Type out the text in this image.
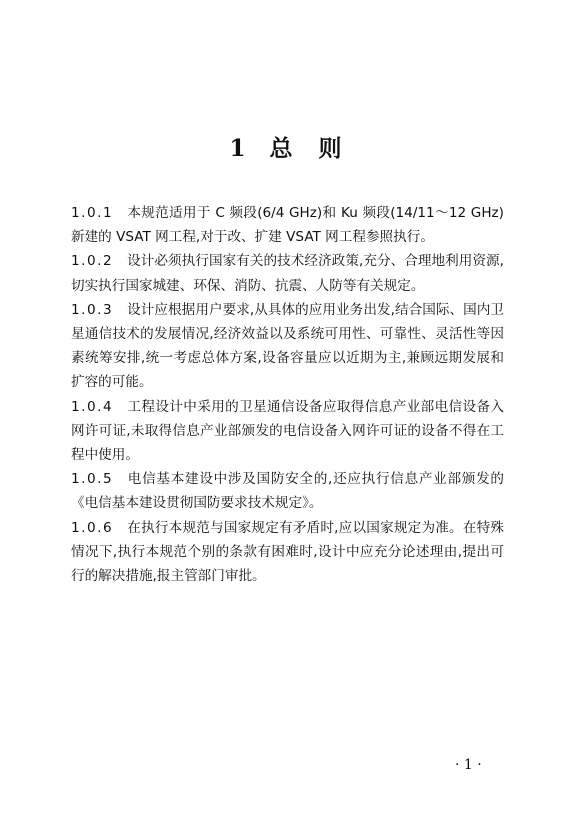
1 总则

1.0.1 本规范适用于 C 频段(6/4 GHz)和 Ku 频段(14/11～12 GHz)新建的 VSAT 网工程,对于改、扩建 VSAT 网工程参照执行。

1.0.2 设计必须执行国家有关的技术经济政策,充分、合理地利用资源,切实执行国家城建、环保、消防、抗震、人防等有关规定。

1.0.3 设计应根据用户要求,从具体的应用业务出发,结合国际、国内卫星通信技术的发展情况,经济效益以及系统可用性、可靠性、灵活性等因素统筹安排,统一考虑总体方案,设备容量应以近期为主,兼顾远期发展和扩容的可能。

1.0.4 工程设计中采用的卫星通信设备应取得信息产业部电信设备入网许可证,未取得信息产业部颁发的电信设备入网许可证的设备不得在工程中使用。

1.0.5 电信基本建设中涉及国防安全的,还应执行信息产业部颁发的《电信基本建设贯彻国防要求技术规定》。

1.0.6 在执行本规范与国家规定有矛盾时,应以国家规定为准。在特殊情况下,执行本规范个别的条款有困难时,设计中应充分论述理由,提出可行的解决措施,报主管部门审批。

· 1 ·
